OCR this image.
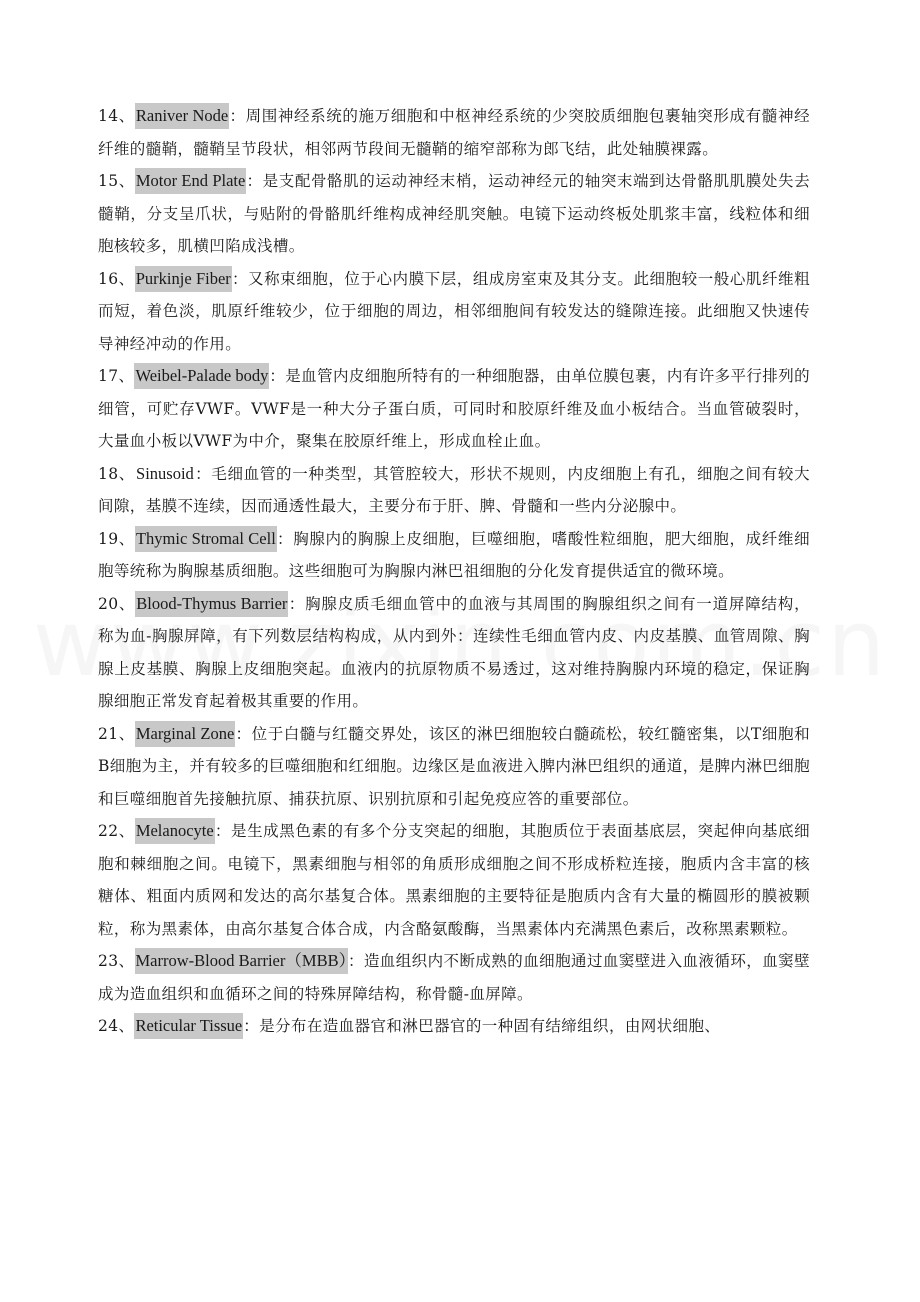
14、Raniver Node：周围神经系统的施万细胞和中枢神经系统的少突胶质细胞包裹轴突形成有髓神经纤维的髓鞘，髓鞘呈节段状，相邻两节段间无髓鞘的缩窄部称为郎飞结，此处轴膜裸露。

15、Motor End Plate：是支配骨骼肌的运动神经末梢，运动神经元的轴突末端到达骨骼肌肌膜处失去髓鞘，分支呈爪状，与贴附的骨骼肌纤维构成神经肌突触。电镜下运动终板处肌浆丰富，线粒体和细胞核较多，肌横凹陷成浅槽。

16、Purkinje Fiber：又称束细胞，位于心内膜下层，组成房室束及其分支。此细胞较一般心肌纤维粗而短，着色淡，肌原纤维较少，位于细胞的周边，相邻细胞间有较发达的缝隙连接。此细胞又快速传导神经冲动的作用。

17、Weibel-Palade body：是血管内皮细胞所特有的一种细胞器，由单位膜包裹，内有许多平行排列的细管，可贮存VWF。VWF是一种大分子蛋白质，可同时和胶原纤维及血小板结合。当血管破裂时，大量血小板以VWF为中介，聚集在胶原纤维上，形成血栓止血。

18、Sinusoid：毛细血管的一种类型，其管腔较大，形状不规则，内皮细胞上有孔，细胞之间有较大间隙，基膜不连续，因而通透性最大，主要分布于肝、脾、骨髓和一些内分泌腺中。

19、Thymic Stromal Cell：胸腺内的胸腺上皮细胞，巨噬细胞，嗜酸性粒细胞，肥大细胞，成纤维细胞等统称为胸腺基质细胞。这些细胞可为胸腺内淋巴祖细胞的分化发育提供适宜的微环境。

20、Blood-Thymus Barrier：胸腺皮质毛细血管中的血液与其周围的胸腺组织之间有一道屏障结构，称为血-胸腺屏障，有下列数层结构构成，从内到外：连续性毛细血管内皮、内皮基膜、血管周隙、胸腺上皮基膜、胸腺上皮细胞突起。血液内的抗原物质不易透过，这对维持胸腺内环境的稳定，保证胸腺细胞正常发育起着极其重要的作用。

21、Marginal Zone：位于白髓与红髓交界处，该区的淋巴细胞较白髓疏松，较红髓密集，以T细胞和B细胞为主，并有较多的巨噬细胞和红细胞。边缘区是血液进入脾内淋巴组织的通道，是脾内淋巴细胞和巨噬细胞首先接触抗原、捕获抗原、识别抗原和引起免疫应答的重要部位。

22、Melanocyte：是生成黑色素的有多个分支突起的细胞，其胞质位于表面基底层，突起伸向基底细胞和棘细胞之间。电镜下，黑素细胞与相邻的角质形成细胞之间不形成桥粒连接，胞质内含丰富的核糖体、粗面内质网和发达的高尔基复合体。黑素细胞的主要特征是胞质内含有大量的椭圆形的膜被颗粒，称为黑素体，由高尔基复合体合成，内含酪氨酸酶，当黑素体内充满黑色素后，改称黑素颗粒。

23、Marrow-Blood Barrier（MBB）：造血组织内不断成熟的血细胞通过血窦壁进入血液循环，血窦壁成为造血组织和血循环之间的特殊屏障结构，称骨髓-血屏障。

24、Reticular Tissue：是分布在造血器官和淋巴器官的一种固有结缔组织，由网状细胞、
